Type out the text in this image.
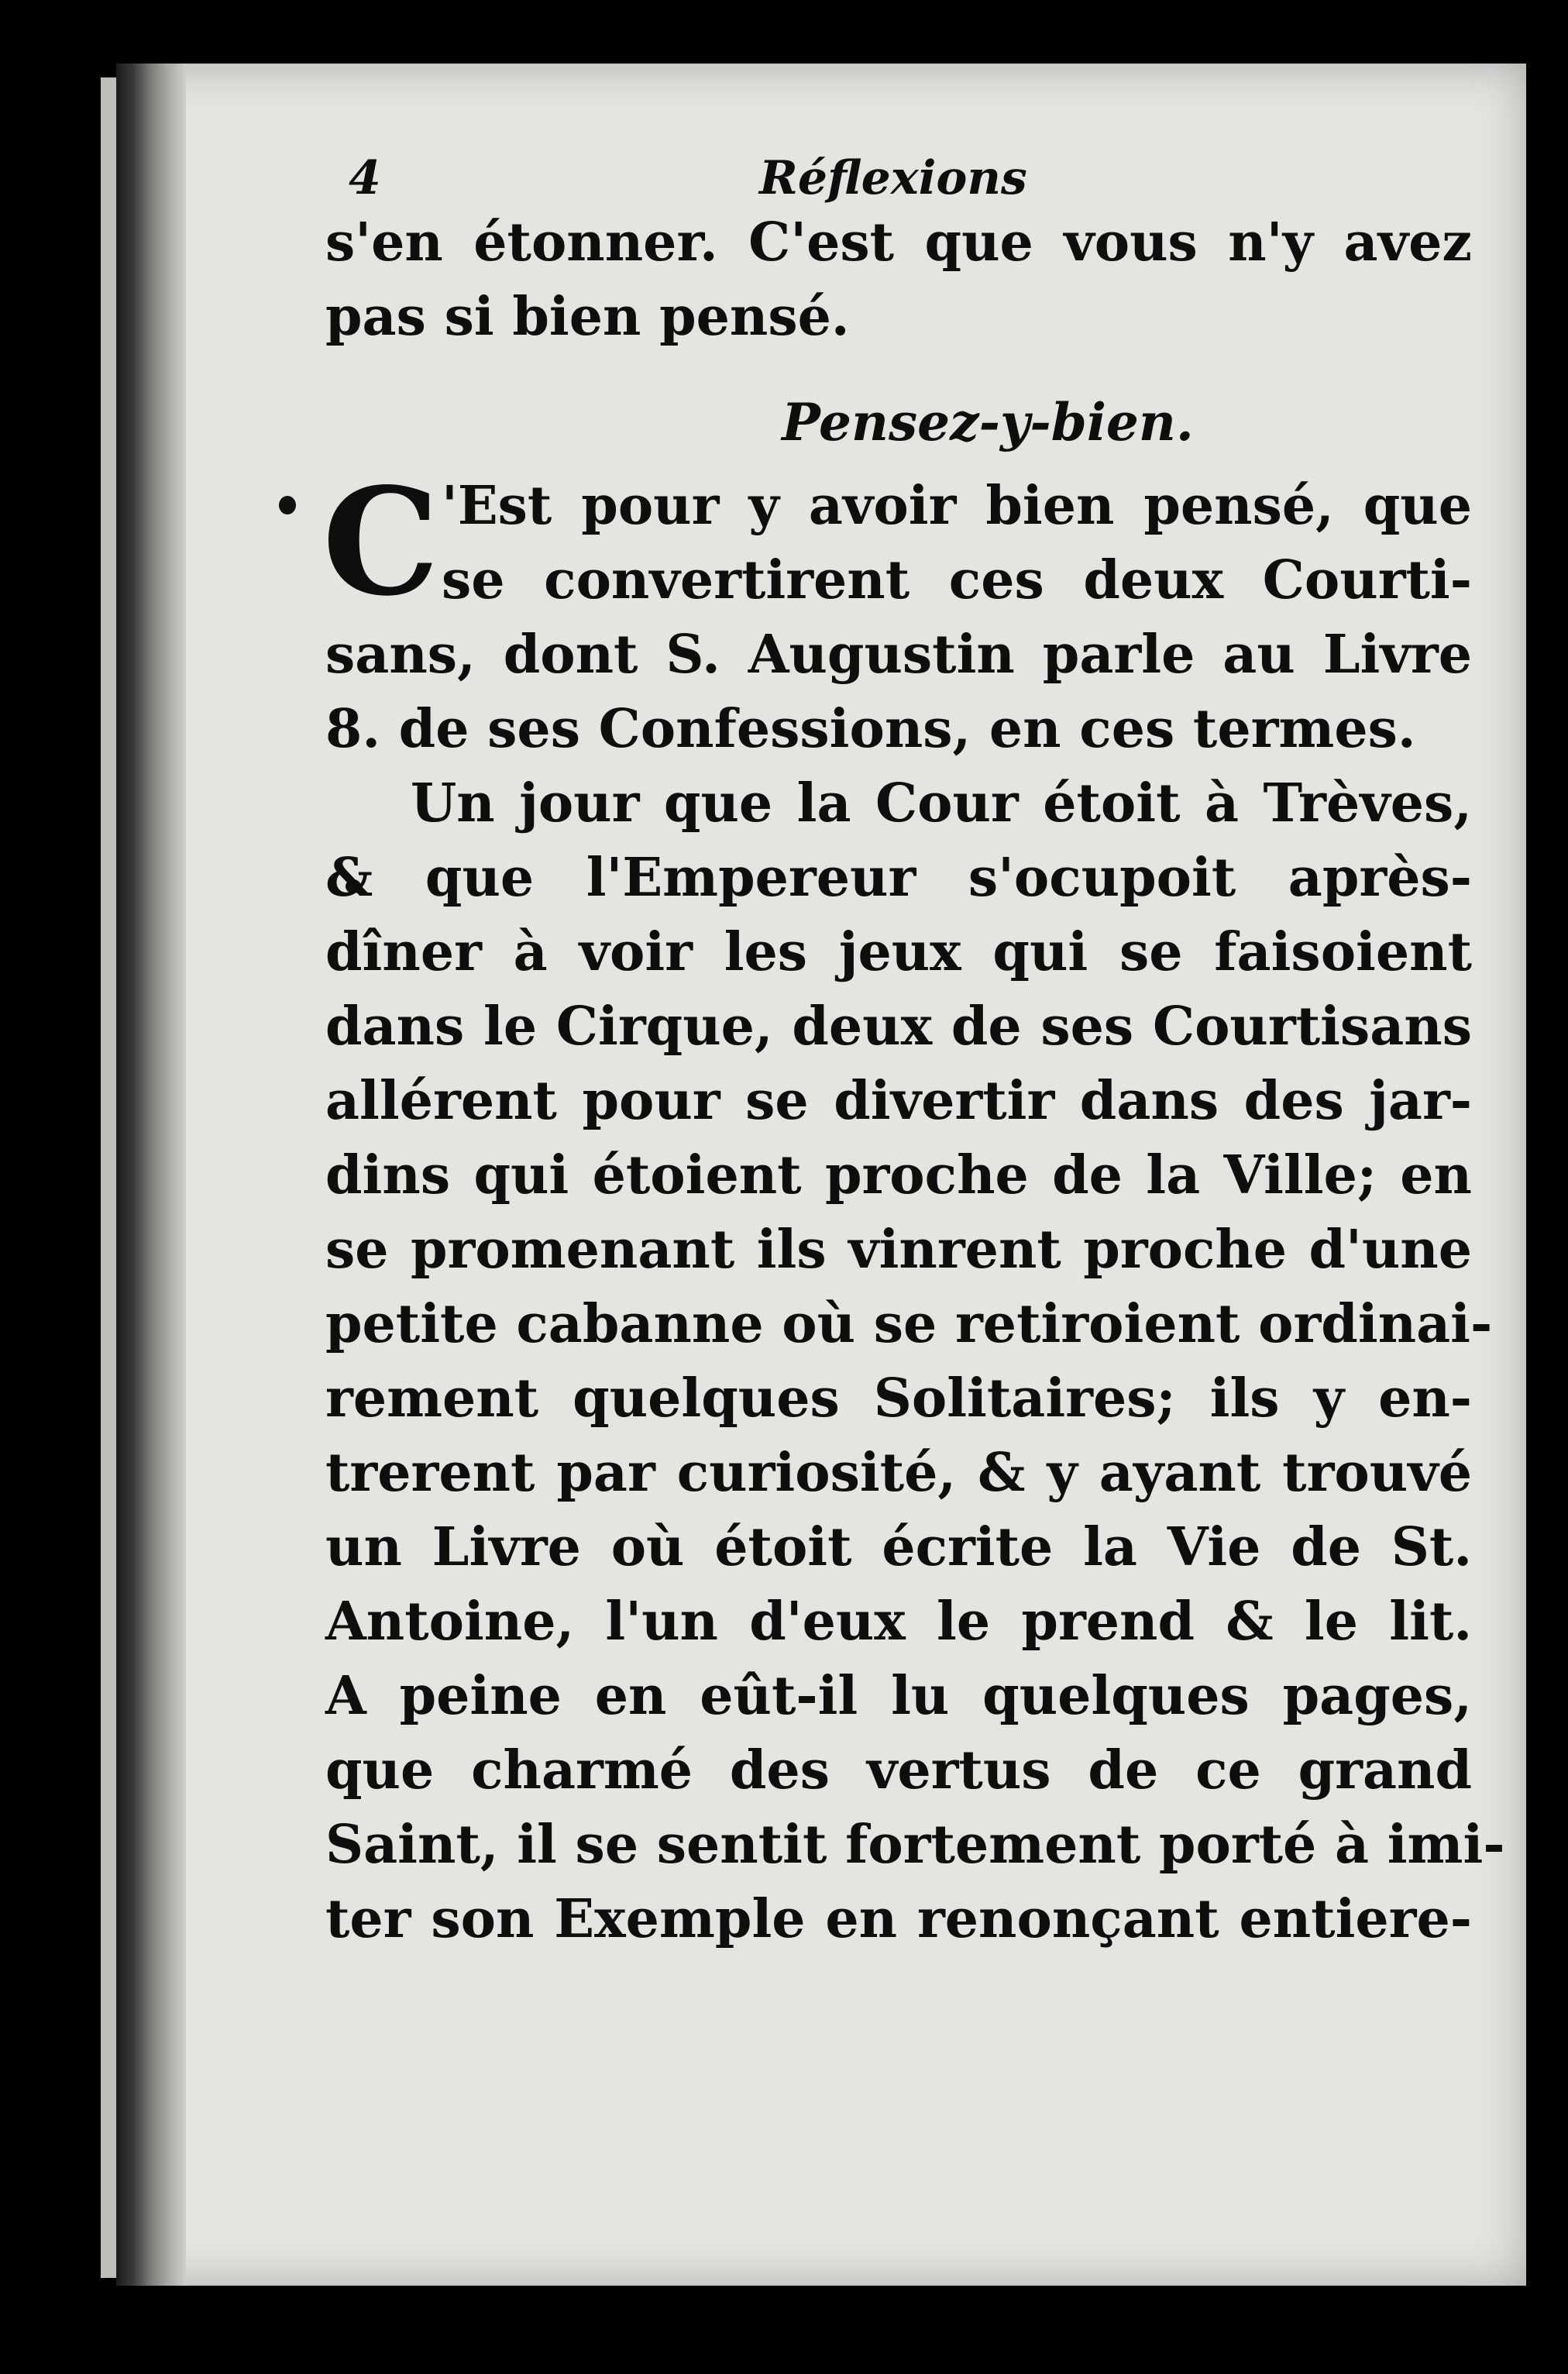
4	Réflexions
s'en étonner. C'est que vous n'y avez
pas si bien pensé.
Pensez-y-bien.
C 'Est pour y avoir bien pensé, que
se convertirent ces deux Courti-
sans, dont S. Augustin parle au Livre
8. de ses Confessions, en ces termes.
Un jour que la Cour étoit à Trèves,
& que l'Empereur s'ocupoit après-
dîner à voir les jeux qui se faisoient
dans le Cirque, deux de ses Courtisans
allérent pour se divertir dans des jar-
dins qui étoient proche de la Ville; en
se promenant ils vinrent proche d'une
petite cabanne où se retiroient ordinai-
rement quelques Solitaires; ils y en-
trerent par curiosité, & y ayant trouvé
un Livre où étoit écrite la Vie de St.
Antoine, l'un d'eux le prend & le lit.
A peine en eût-il lu quelques pages,
que charmé des vertus de ce grand
Saint, il se sentit fortement porté à imi-
ter son Exemple en renonçant entiere-
